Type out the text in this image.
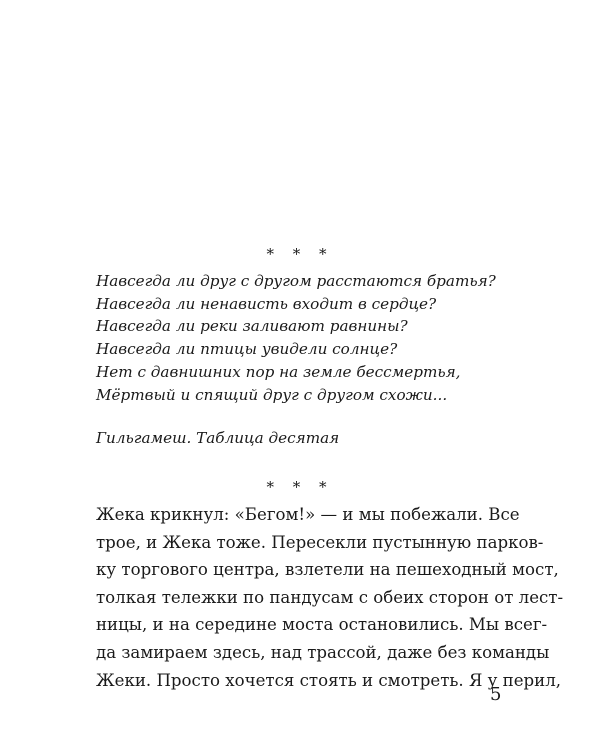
* * *
Навсегда ли друг с другом расстаются братья?
Навсегда ли ненависть входит в сердце?
Навсегда ли реки заливают равнины?
Навсегда ли птицы увидели солнце?
Нет с давнишних пор на земле бессмертья,
Мёртвый и спящий друг с другом схожи...
Гильгамеш. Таблица десятая
* * *
Жека крикнул: «Бегом!» — и мы побежали. Все
трое, и Жека тоже. Пересекли пустынную парков-
ку торгового центра, взлетели на пешеходный мост,
толкая тележки по пандусам с обеих сторон от лест-
ницы, и на середине моста остановились. Мы всег-
да замираем здесь, над трассой, даже без команды
Жеки. Просто хочется стоять и смотреть. Я у перил,
5
